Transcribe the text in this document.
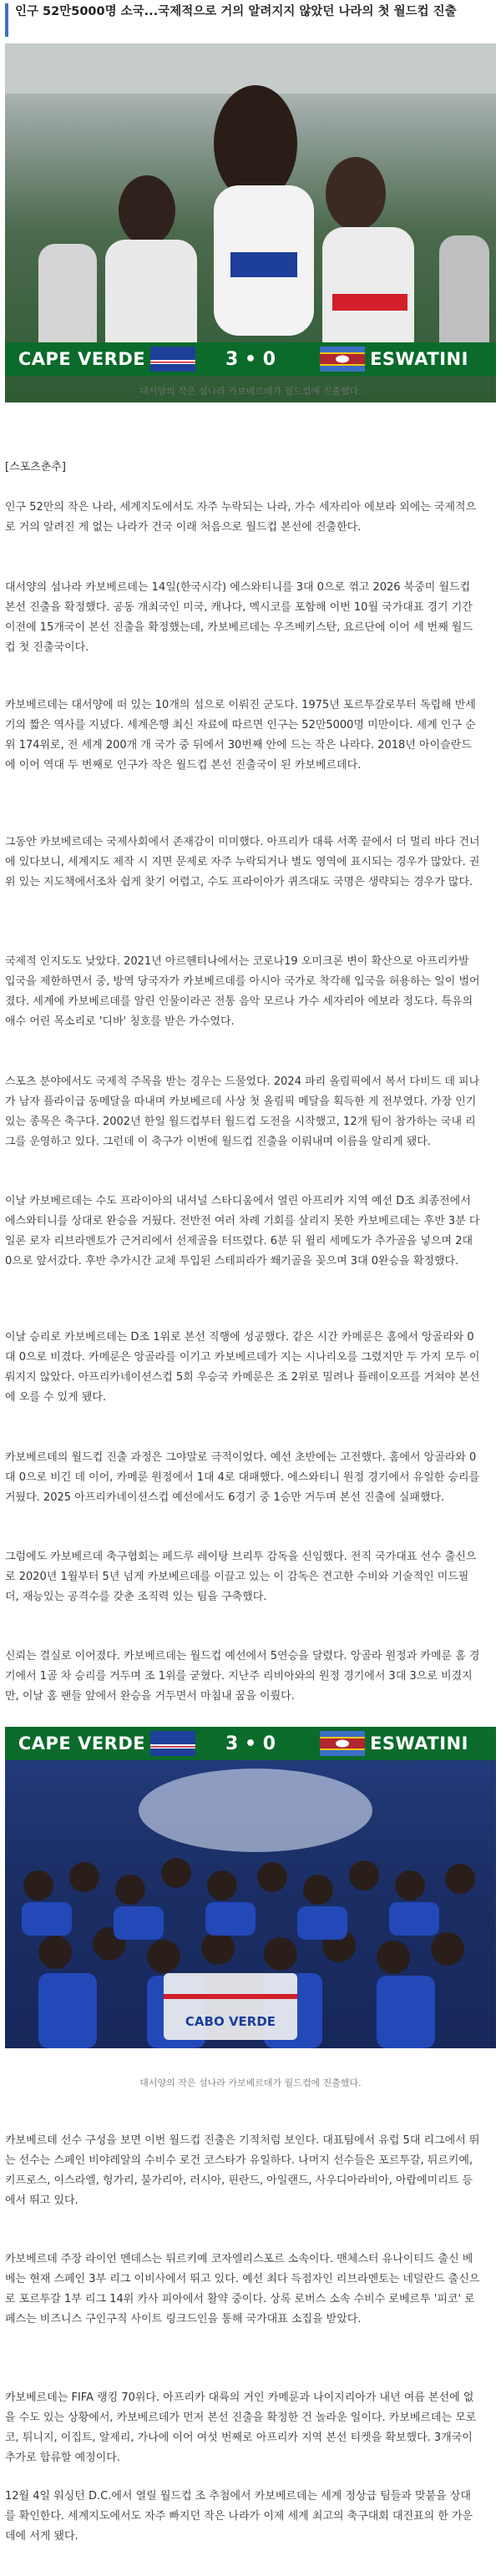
인구 52만5000명 소국...국제적으로 거의 알려지지 않았던 나라의 첫 월드컵 진출
CAPE VERDE	3 • 0	ESWATINI
대서양의 작은 섬나라 카보베르데가 월드컵에 진출했다.

[스포츠춘추]

인구 52만의 작은 나라, 세계지도에서도 자주 누락되는 나라, 가수 세자리아 에보라 외에는 국제적으로 거의 알려진 게 없는 나라가 건국 이래 처음으로 월드컵 본선에 진출한다.

대서양의 섬나라 카보베르데는 14일(한국시각) 에스와티니를 3대 0으로 꺾고 2026 북중미 월드컵 본선 진출을 확정했다. 공동 개최국인 미국, 캐나다, 멕시코를 포함해 이번 10월 국가대표 경기 기간 이전에 15개국이 본선 진출을 확정했는데, 카보베르데는 우즈베키스탄, 요르단에 이어 세 번째 월드컵 첫 진출국이다.

카보베르데는 대서양에 떠 있는 10개의 섬으로 이뤄진 군도다. 1975년 포르투갈로부터 독립해 반세기의 짧은 역사를 지녔다. 세계은행 최신 자료에 따르면 인구는 52만5000명 미만이다. 세계 인구 순위 174위로, 전 세계 200개 개 국가 중 뒤에서 30번째 안에 드는 작은 나라다. 2018년 아이슬란드에 이어 역대 두 번째로 인구가 작은 월드컵 본선 진출국이 된 카보베르데다.

그동안 카보베르데는 국제사회에서 존재감이 미미했다. 아프리카 대륙 서쪽 끝에서 더 멀리 바다 건너에 있다보니, 세계지도 제작 시 지면 문제로 자주 누락되거나 별도 영역에 표시되는 경우가 많았다. 권위 있는 지도책에서조차 쉽게 찾기 어렵고, 수도 프라이아가 퀴즈대도 국명은 생략되는 경우가 많다.

국제적 인지도도 낮았다. 2021년 아르헨티나에서는 코로나19 오미크론 변이 확산으로 아프리카발 입국을 제한하면서 중, 방역 당국자가 카보베르데를 아시아 국가로 착각해 입국을 허용하는 일이 벌어졌다. 세계에 카보베르데를 알린 인물이라곤 전통 음악 모르나 가수 세자리아 에보라 정도다. 특유의 애수 어린 목소리로 '디바' 칭호를 받은 가수였다.

스포츠 분야에서도 국제적 주목을 받는 경우는 드물었다. 2024 파리 올림픽에서 복서 다비드 데 피나가 남자 플라이급 동메달을 따내며 카보베르데 사상 첫 올림픽 메달을 획득한 게 전부였다. 가장 인기있는 종목은 축구다. 2002년 한일 월드컵부터 월드컵 도전을 시작했고, 12개 팀이 참가하는 국내 리그를 운영하고 있다. 그런데 이 축구가 이번에 월드컵 진출을 이뤄내며 이름을 알리게 됐다.

이날 카보베르데는 수도 프라이아의 내셔널 스타디움에서 열린 아프리카 지역 예선 D조 최종전에서 에스와티니를 상대로 완승을 거뒀다. 전반전 여러 차례 기회를 살리지 못한 카보베르데는 후반 3분 다일론 로자 리브라멘토가 근거리에서 선제골을 터뜨렸다. 6분 뒤 윌리 세메도가 추가골을 넣으며 2대 0으로 앞서갔다. 후반 추가시간 교체 투입된 스테피라가 쐐기골을 꽂으며 3대 0완승을 확정했다.

이날 승리로 카보베르데는 D조 1위로 본선 직행에 성공했다. 같은 시간 카메룬은 홈에서 앙골라와 0대 0으로 비겼다. 카메룬은 앙골라를 이기고 카보베르데가 지는 시나리오를 그렸지만 두 가지 모두 이뤄지지 않았다. 아프리카네이션스컵 5회 우승국 카메룬은 조 2위로 밀려나 플레이오프를 거쳐야 본선에 오를 수 있게 됐다.

카보베르데의 월드컵 진출 과정은 그야말로 극적이었다. 예선 초반에는 고전했다. 홈에서 앙골라와 0대 0으로 비긴 데 이어, 카메룬 원정에서 1대 4로 대패했다. 에스와티니 원정 경기에서 유일한 승리를 거뒀다. 2025 아프리카네이션스컵 예선에서도 6경기 중 1승만 거두며 본선 진출에 실패했다.

그럼에도 카보베르데 축구협회는 페드루 레이탕 브리투 감독을 신임했다. 전직 국가대표 선수 출신으로 2020년 1월부터 5년 넘게 카보베르데를 이끌고 있는 이 감독은 견고한 수비와 기술적인 미드필더, 재능있는 공격수를 갖춘 조직력 있는 팀을 구축했다.

신뢰는 결실로 이어졌다. 카보베르데는 월드컵 예선에서 5연승을 달렸다. 앙골라 원정과 카메룬 홈 경기에서 1골 차 승리를 거두며 조 1위를 굳혔다. 지난주 리비아와의 원정 경기에서 3대 3으로 비겼지만, 이날 홈 팬들 앞에서 완승을 거두면서 마침내 꿈을 이뤘다.

CAPE VERDE	3 • 0	ESWATINI
CABO VERDE
대서양의 작은 섬나라 카보베르데가 월드컵에 진출했다.

카보베르데 선수 구성을 보면 이번 월드컵 진출은 기적처럼 보인다. 대표팀에서 유럽 5대 리그에서 뛰는 선수는 스페인 비야레알의 수비수 로건 코스타가 유일하다. 나머지 선수들은 포르투갈, 튀르키예, 키프로스, 이스라엘, 헝가리, 불가리아, 러시아, 핀란드, 아일랜드, 사우디아라비아, 아랍에미리트 등에서 뛰고 있다.

카보베르데 주장 라이언 멘데스는 튀르키예 코자엘리스포르 소속이다. 맨체스터 유나이티드 출신 베베는 현재 스페인 3부 리그 이비사에서 뛰고 있다. 예선 최다 득점자인 리브라멘토는 네덜란드 출신으로 포르투갈 1부 리그 14위 카사 피아에서 활약 중이다. 상록 로버스 소속 수비수 로베르투 '피코' 로페스는 비즈니스 구인구직 사이트 링크드인을 통해 국가대표 소집을 받았다.

카보베르데는 FIFA 랭킹 70위다. 아프리카 대륙의 거인 카메룬과 나이지리아가 내년 여름 본선에 없을 수도 있는 상황에서, 카보베르데가 먼저 본선 진출을 확정한 건 놀라운 일이다. 카보베르데는 모로코, 튀니지, 이집트, 알제리, 가나에 이어 여섯 번째로 아프리카 지역 본선 티켓을 확보했다. 3개국이 추가로 합류할 예정이다.

12월 4일 워싱턴 D.C.에서 열릴 월드컵 조 추첨에서 카보베르데는 세계 정상급 팀들과 맞붙을 상대를 확인한다. 세계지도에서도 자주 빠지던 작은 나라가 이제 세계 최고의 축구대회 대진표의 한 가운데에 서게 됐다.
